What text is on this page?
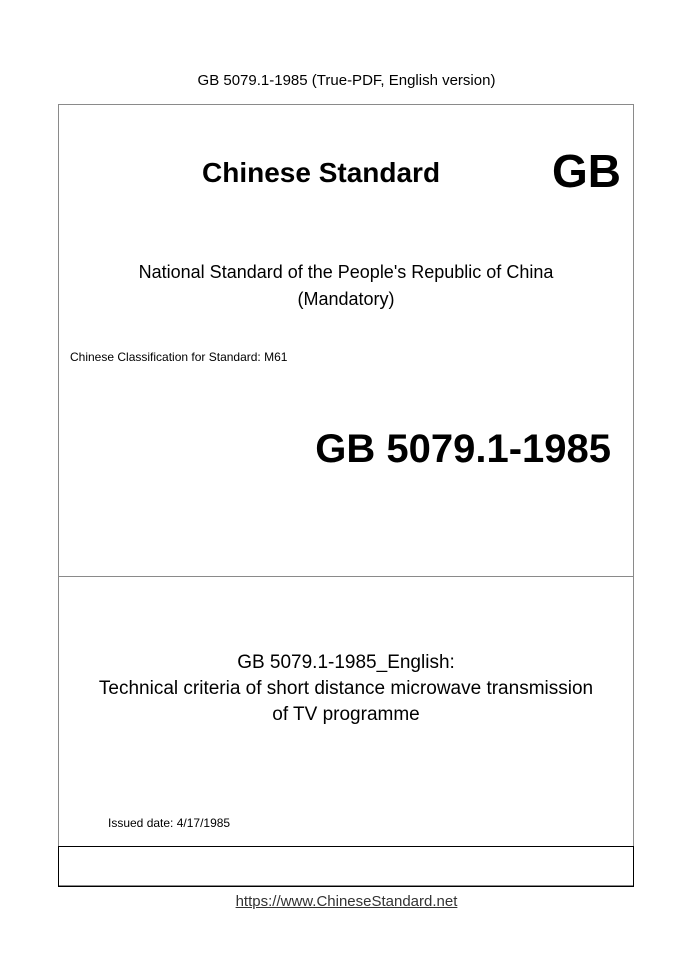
GB 5079.1-1985 (True-PDF, English version)
Chinese Standard GB
National Standard of the People's Republic of China
(Mandatory)
Chinese Classification for Standard: M61
GB 5079.1-1985
GB 5079.1-1985_English:
Technical criteria of short distance microwave transmission
of TV programme
Issued date: 4/17/1985
https://www.ChineseStandard.net
